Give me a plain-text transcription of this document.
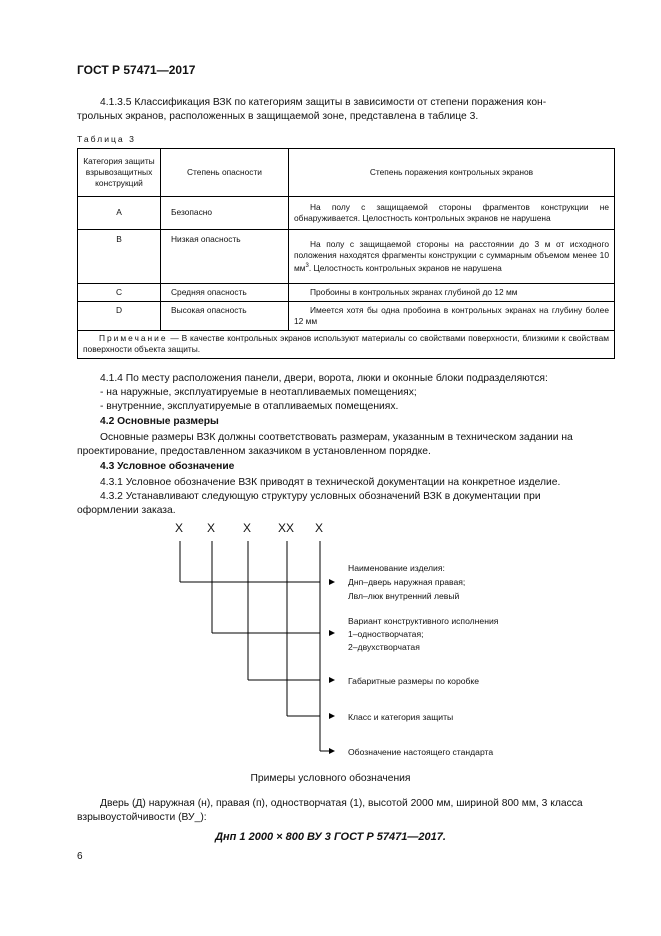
ГОСТ Р 57471—2017
4.1.3.5 Классификация ВЗК по категориям защиты в зависимости от степени поражения кон-
трольных экранов, расположенных в защищаемой зоне, представлена в таблице 3.
Таблица 3
Категория защиты взрывозащитных конструкций	Степень опасности	Степень поражения контрольных экранов
A	Безопасно	На полу с защищаемой стороны фрагментов конструкции не обнаруживается. Целостность контрольных экранов не нарушена
B	Низкая опасность	На полу с защищаемой стороны на расстоянии до 3 м от исходного положения находятся фрагменты конструкции с суммарным объемом менее 10 $мм^3$. Целостность контрольных экранов не нарушена
C	Средняя опасность	Пробоины в контрольных экранах глубиной до 12 мм
D	Высокая опасность	Имеется хотя бы одна пробоина в контрольных экранах на глубину более 12 мм
Примечание — В качестве контрольных экранов используют материалы со свойствами поверхности, близкими к свойствам поверхности объекта защиты.		
4.1.4 По месту расположения панели, двери, ворота, люки и оконные блоки подразделяются:
- на наружные, эксплуатируемые в неотапливаемых помещениях;
- внутренние, эксплуатируемые в отапливаемых помещениях.
4.2 Основные размеры
Основные размеры ВЗК должны соответствовать размерам, указанным в техническом задании на
проектирование, предоставленном заказчиком в установленном порядке.
4.3 Условное обозначение
4.3.1 Условное обозначение ВЗК приводят в технической документации на конкретное изделие.
4.3.2 Устанавливают следующую структуру условных обозначений ВЗК в документации при
оформлении заказа.
X X X XX X
Наименование изделия:
Днп–дверь наружная правая;
Лвл–люк внутренний левый
Вариант конструктивного исполнения
1–одностворчатая;
2–двухстворчатая
Габаритные размеры по коробке
Класс и категория защиты
Обозначение настоящего стандарта
Примеры условного обозначения
Дверь (Д) наружная (н), правая (п), одностворчатая (1), высотой 2000 мм, шириной 800 мм, 3 класса
взрывоустойчивости (ВУ_):
Днп 1 2000 × 800 ВУ 3 ГОСТ Р 57471—2017.
6
